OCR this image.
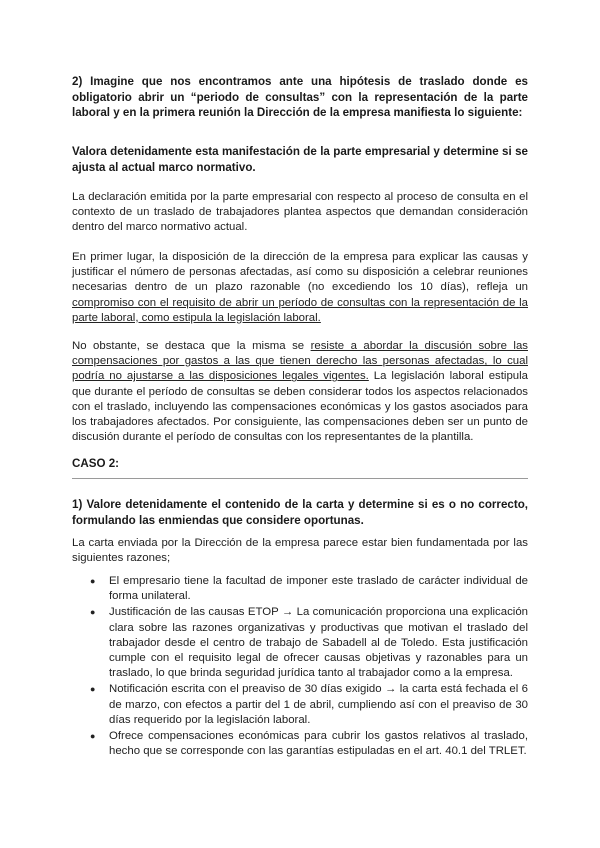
2) Imagine que nos encontramos ante una hipótesis de traslado donde es obligatorio abrir un “periodo de consultas” con la representación de la parte laboral y en la primera reunión la Dirección de la empresa manifiesta lo siguiente:

Valora detenidamente esta manifestación de la parte empresarial y determine si se ajusta al actual marco normativo.

La declaración emitida por la parte empresarial con respecto al proceso de consulta en el contexto de un traslado de trabajadores plantea aspectos que demandan consideración dentro del marco normativo actual.

En primer lugar, la disposición de la dirección de la empresa para explicar las causas y justificar el número de personas afectadas, así como su disposición a celebrar reuniones necesarias dentro de un plazo razonable (no excediendo los 10 días), refleja un compromiso con el requisito de abrir un período de consultas con la representación de la parte laboral, como estipula la legislación laboral.

No obstante, se destaca que la misma se resiste a abordar la discusión sobre las compensaciones por gastos a las que tienen derecho las personas afectadas, lo cual podría no ajustarse a las disposiciones legales vigentes. La legislación laboral estipula que durante el período de consultas se deben considerar todos los aspectos relacionados con el traslado, incluyendo las compensaciones económicas y los gastos asociados para los trabajadores afectados. Por consiguiente, las compensaciones deben ser un punto de discusión durante el período de consultas con los representantes de la plantilla.

CASO 2:

1) Valore detenidamente el contenido de la carta y determine si es o no correcto, formulando las enmiendas que considere oportunas.

La carta enviada por la Dirección de la empresa parece estar bien fundamentada por las siguientes razones;

● El empresario tiene la facultad de imponer este traslado de carácter individual de forma unilateral.
● Justificación de las causas ETOP → La comunicación proporciona una explicación clara sobre las razones organizativas y productivas que motivan el traslado del trabajador desde el centro de trabajo de Sabadell al de Toledo. Esta justificación cumple con el requisito legal de ofrecer causas objetivas y razonables para un traslado, lo que brinda seguridad jurídica tanto al trabajador como a la empresa.
● Notificación escrita con el preaviso de 30 días exigido → la carta está fechada el 6 de marzo, con efectos a partir del 1 de abril, cumpliendo así con el preaviso de 30 días requerido por la legislación laboral.
● Ofrece compensaciones económicas para cubrir los gastos relativos al traslado, hecho que se corresponde con las garantías estipuladas en el art. 40.1 del TRLET.
